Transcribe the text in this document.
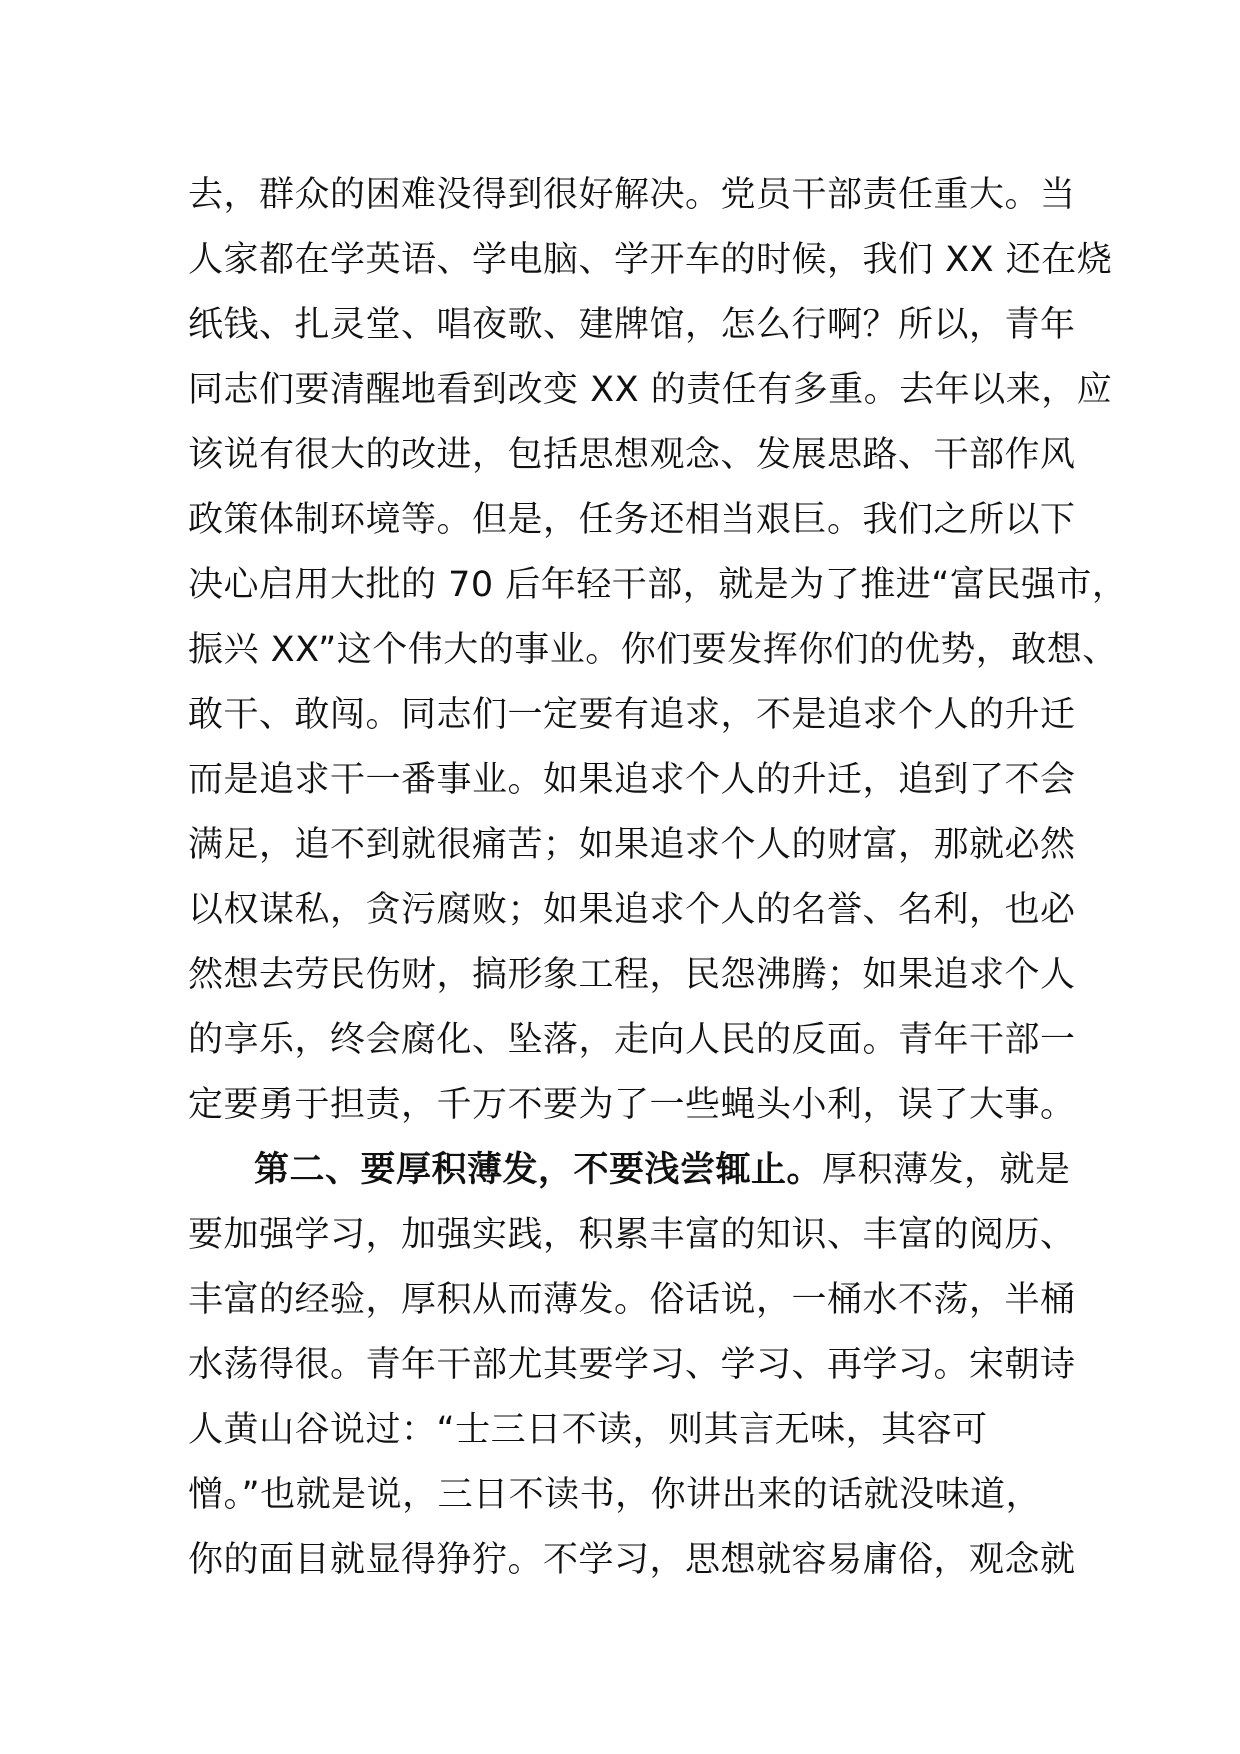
去，群众的困难没得到很好解决。党员干部责任重大。当
人家都在学英语、学电脑、学开车的时候，我们 XX 还在烧
纸钱、扎灵堂、唱夜歌、建牌馆，怎么行啊？所以，青年
同志们要清醒地看到改变 XX 的责任有多重。去年以来，应
该说有很大的改进，包括思想观念、发展思路、干部作风
政策体制环境等。但是，任务还相当艰巨。我们之所以下
决心启用大批的 70 后年轻干部，就是为了推进“富民强市，
振兴 XX”这个伟大的事业。你们要发挥你们的优势，敢想、
敢干、敢闯。同志们一定要有追求，不是追求个人的升迁
而是追求干一番事业。如果追求个人的升迁，追到了不会
满足，追不到就很痛苦；如果追求个人的财富，那就必然
以权谋私，贪污腐败；如果追求个人的名誉、名利，也必
然想去劳民伤财，搞形象工程，民怨沸腾；如果追求个人
的享乐，终会腐化、坠落，走向人民的反面。青年干部一
定要勇于担责，千万不要为了一些蝇头小利，误了大事。
第二、要厚积薄发，不要浅尝辄止。厚积薄发，就是
要加强学习，加强实践，积累丰富的知识、丰富的阅历、
丰富的经验，厚积从而薄发。俗话说，一桶水不荡，半桶
水荡得很。青年干部尤其要学习、学习、再学习。宋朝诗
人黄山谷说过：“士三日不读，则其言无味，其容可
憎。”也就是说，三日不读书，你讲出来的话就没味道，
你的面目就显得狰狞。不学习，思想就容易庸俗，观念就
